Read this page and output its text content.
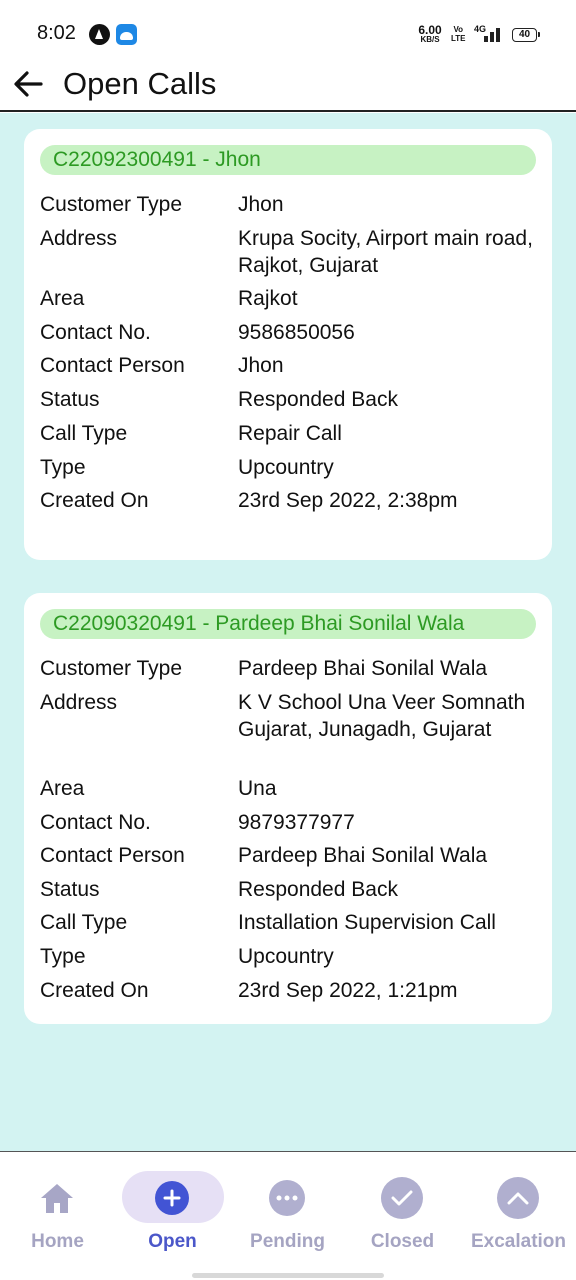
8:02	6.00
KB/S
Vo
LTE
4G	40
Open Calls
C22092300491 - Jhon
Customer Type	Jhon
Address	Krupa Socity, Airport main road, Rajkot, Gujarat
Area	Rajkot
Contact No.	9586850056
Contact Person	Jhon
Status	Responded Back
Call Type	Repair Call
Type	Upcountry
Created On	23rd Sep 2022, 2:38pm
C22090320491 - Pardeep Bhai Sonilal Wala
Customer Type	Pardeep Bhai Sonilal Wala
Address	K V School Una Veer Somnath Gujarat, Junagadh, Gujarat
Area	Una
Contact No.	9879377977
Contact Person	Pardeep Bhai Sonilal Wala
Status	Responded Back
Call Type	Installation Supervision Call
Type	Upcountry
Created On	23rd Sep 2022, 1:21pm
Home	Open	Pending	Closed	Excalation
